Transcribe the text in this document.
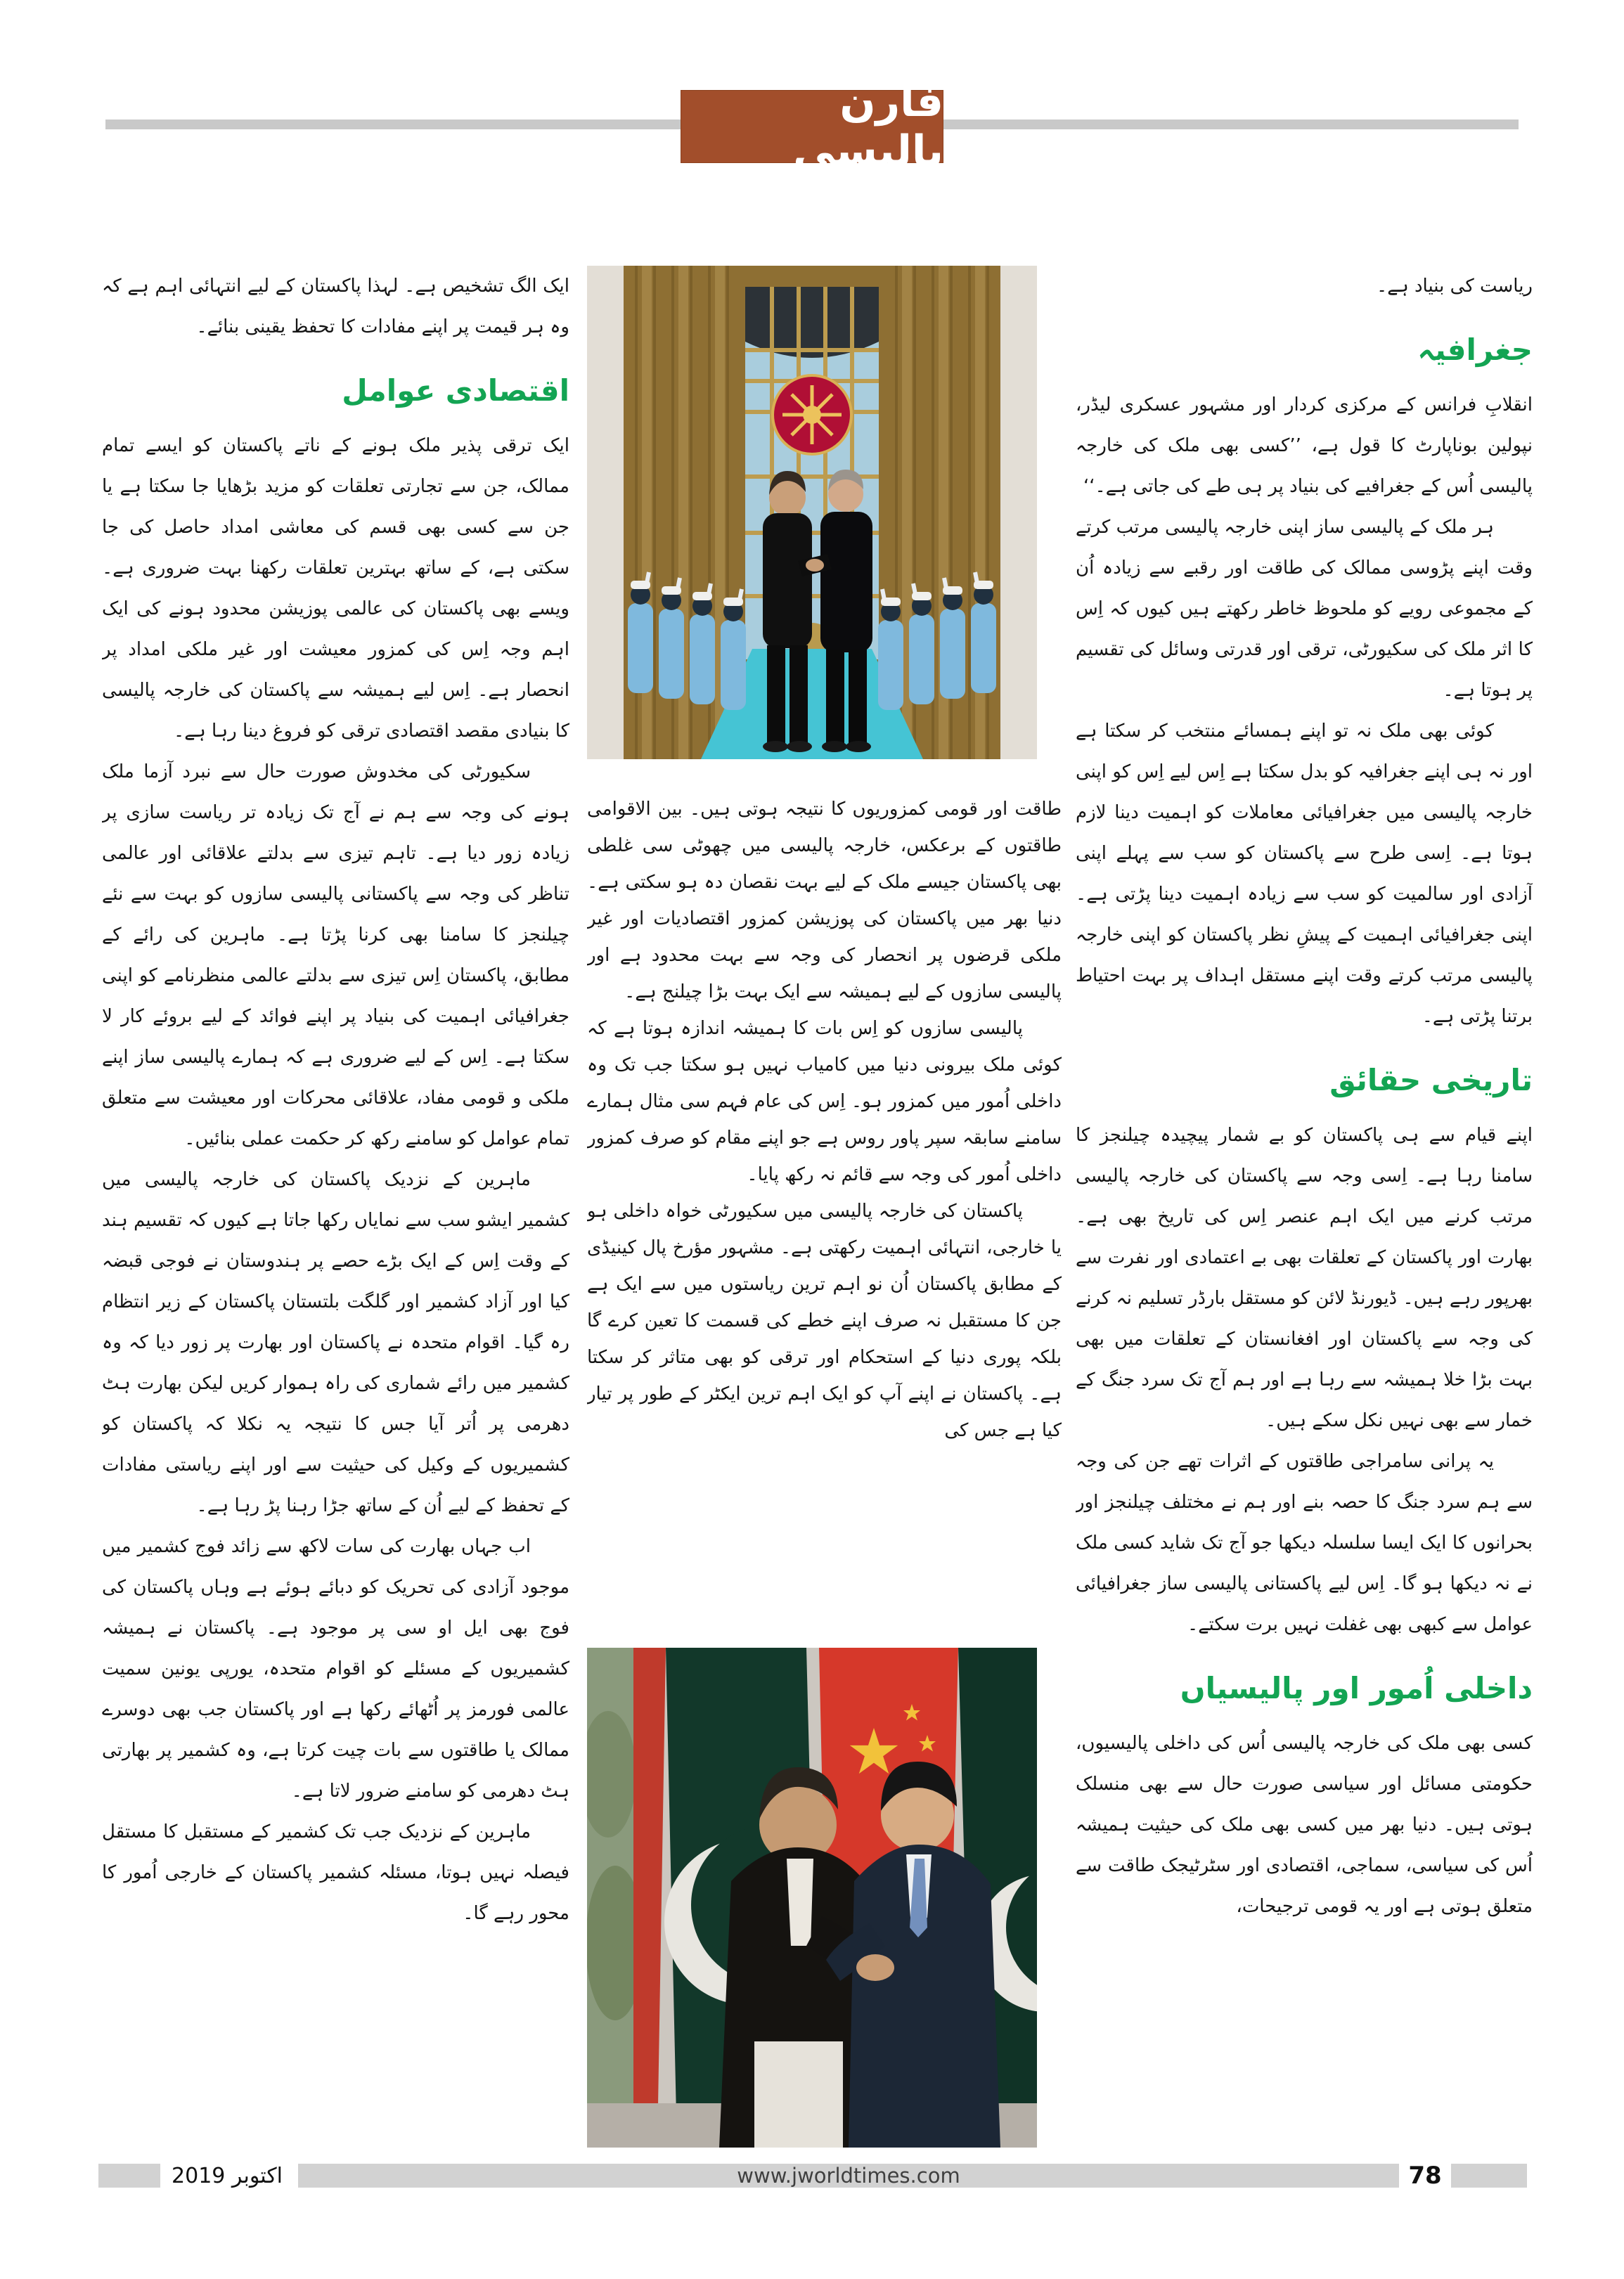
فارن پالیسی

ریاست کی بنیاد ہے۔

جغرافیہ

انقلابِ فرانس کے مرکزی کردار اور مشہور عسکری لیڈر، نپولین بوناپارٹ کا قول ہے، ’’کسی بھی ملک کی خارجہ پالیسی اُس کے جغرافیے کی بنیاد پر ہی طے کی جاتی ہے۔‘‘

ہر ملک کے پالیسی ساز اپنی خارجہ پالیسی مرتب کرتے وقت اپنے پڑوسی ممالک کی طاقت اور رقبے سے زیادہ اُن کے مجموعی رویے کو ملحوظ خاطر رکھتے ہیں کیوں کہ اِس کا اثر ملک کی سکیورٹی، ترقی اور قدرتی وسائل کی تقسیم پر ہوتا ہے۔

کوئی بھی ملک نہ تو اپنے ہمسائے منتخب کر سکتا ہے اور نہ ہی اپنے جغرافیہ کو بدل سکتا ہے اِس لیے اِس کو اپنی خارجہ پالیسی میں جغرافیائی معاملات کو اہمیت دینا لازم ہوتا ہے۔ اِسی طرح سے پاکستان کو سب سے پہلے اپنی آزادی اور سالمیت کو سب سے زیادہ اہمیت دینا پڑتی ہے۔ اپنی جغرافیائی اہمیت کے پیشِ نظر پاکستان کو اپنی خارجہ پالیسی مرتب کرتے وقت اپنے مستقل اہداف پر بہت احتیاط برتنا پڑتی ہے۔

تاریخی حقائق

اپنے قیام سے ہی پاکستان کو بے شمار پیچیدہ چیلنجز کا سامنا رہا ہے۔ اِسی وجہ سے پاکستان کی خارجہ پالیسی مرتب کرنے میں ایک اہم عنصر اِس کی تاریخ بھی ہے۔ بھارت اور پاکستان کے تعلقات بھی بے اعتمادی اور نفرت سے بھرپور رہے ہیں۔ ڈیورنڈ لائن کو مستقل بارڈر تسلیم نہ کرنے کی وجہ سے پاکستان اور افغانستان کے تعلقات میں بھی بہت بڑا خلا ہمیشہ سے رہا ہے اور ہم آج تک سرد جنگ کے خمار سے بھی نہیں نکل سکے ہیں۔

یہ پرانی سامراجی طاقتوں کے اثرات تھے جن کی وجہ سے ہم سرد جنگ کا حصہ بنے اور ہم نے مختلف چیلنجز اور بحرانوں کا ایک ایسا سلسلہ دیکھا جو آج تک شاید کسی ملک نے نہ دیکھا ہو گا۔ اِس لیے پاکستانی پالیسی ساز جغرافیائی عوامل سے کبھی بھی غفلت نہیں برت سکتے۔

داخلی اُمور اور پالیسیاں

کسی بھی ملک کی خارجہ پالیسی اُس کی داخلی پالیسیوں، حکومتی مسائل اور سیاسی صورت حال سے بھی منسلک ہوتی ہیں۔ دنیا بھر میں کسی بھی ملک کی حیثیت ہمیشہ اُس کی سیاسی، سماجی، اقتصادی اور سٹرٹیجک طاقت سے متعلق ہوتی ہے اور یہ قومی ترجیحات،

طاقت اور قومی کمزوریوں کا نتیجہ ہوتی ہیں۔ بین الاقوامی طاقتوں کے برعکس، خارجہ پالیسی میں چھوٹی سی غلطی بھی پاکستان جیسے ملک کے لیے بہت نقصان دہ ہو سکتی ہے۔ دنیا بھر میں پاکستان کی پوزیشن کمزور اقتصادیات اور غیر ملکی قرضوں پر انحصار کی وجہ سے بہت محدود ہے اور پالیسی سازوں کے لیے ہمیشہ سے ایک بہت بڑا چیلنج ہے۔

پالیسی سازوں کو اِس بات کا ہمیشہ اندازہ ہوتا ہے کہ کوئی ملک بیرونی دنیا میں کامیاب نہیں ہو سکتا جب تک وہ داخلی اُمور میں کمزور ہو۔ اِس کی عام فہم سی مثال ہمارے سامنے سابقہ سپر پاور روس ہے جو اپنے مقام کو صرف کمزور داخلی اُمور کی وجہ سے قائم نہ رکھ پایا۔

پاکستان کی خارجہ پالیسی میں سکیورٹی خواہ داخلی ہو یا خارجی، انتہائی اہمیت رکھتی ہے۔ مشہور مؤرخ پال کینیڈی کے مطابق پاکستان اُن نو اہم ترین ریاستوں میں سے ایک ہے جن کا مستقبل نہ صرف اپنے خطے کی قسمت کا تعین کرے گا بلکہ پوری دنیا کے استحکام اور ترقی کو بھی متاثر کر سکتا ہے۔ پاکستان نے اپنے آپ کو ایک اہم ترین ایکٹر کے طور پر تیار کیا ہے جس کی

ایک الگ تشخیص ہے۔ لہذا پاکستان کے لیے انتہائی اہم ہے کہ وہ ہر قیمت پر اپنے مفادات کا تحفظ یقینی بنائے۔

اقتصادی عوامل

ایک ترقی پذیر ملک ہونے کے ناتے پاکستان کو ایسے تمام ممالک، جن سے تجارتی تعلقات کو مزید بڑھایا جا سکتا ہے یا جن سے کسی بھی قسم کی معاشی امداد حاصل کی جا سکتی ہے، کے ساتھ بہترین تعلقات رکھنا بہت ضروری ہے۔ ویسے بھی پاکستان کی عالمی پوزیشن محدود ہونے کی ایک اہم وجہ اِس کی کمزور معیشت اور غیر ملکی امداد پر انحصار ہے۔ اِس لیے ہمیشہ سے پاکستان کی خارجہ پالیسی کا بنیادی مقصد اقتصادی ترقی کو فروغ دینا رہا ہے۔

سکیورٹی کی مخدوش صورت حال سے نبرد آزما ملک ہونے کی وجہ سے ہم نے آج تک زیادہ تر ریاست سازی پر زیادہ زور دیا ہے۔ تاہم تیزی سے بدلتے علاقائی اور عالمی تناظر کی وجہ سے پاکستانی پالیسی سازوں کو بہت سے نئے چیلنجز کا سامنا بھی کرنا پڑتا ہے۔ ماہرین کی رائے کے مطابق، پاکستان اِس تیزی سے بدلتے عالمی منظرنامے کو اپنی جغرافیائی اہمیت کی بنیاد پر اپنے فوائد کے لیے بروئے کار لا سکتا ہے۔ اِس کے لیے ضروری ہے کہ ہمارے پالیسی ساز اپنے ملکی و قومی مفاد، علاقائی محرکات اور معیشت سے متعلق تمام عوامل کو سامنے رکھ کر حکمت عملی بنائیں۔

ماہرین کے نزدیک پاکستان کی خارجہ پالیسی میں کشمیر ایشو سب سے نمایاں رکھا جاتا ہے کیوں کہ تقسیم ہند کے وقت اِس کے ایک بڑے حصے پر ہندوستان نے فوجی قبضہ کیا اور آزاد کشمیر اور گلگت بلتستان پاکستان کے زیر انتظام رہ گیا۔ اقوام متحدہ نے پاکستان اور بھارت پر زور دیا کہ وہ کشمیر میں رائے شماری کی راہ ہموار کریں لیکن بھارت ہٹ دھرمی پر اُتر آیا جس کا نتیجہ یہ نکلا کہ پاکستان کو کشمیریوں کے وکیل کی حیثیت سے اور اپنے ریاستی مفادات کے تحفظ کے لیے اُن کے ساتھ جڑا رہنا پڑ رہا ہے۔

اب جہاں بھارت کی سات لاکھ سے زائد فوج کشمیر میں موجود آزادی کی تحریک کو دبائے ہوئے ہے وہاں پاکستان کی فوج بھی ایل او سی پر موجود ہے۔ پاکستان نے ہمیشہ کشمیریوں کے مسئلے کو اقوام متحدہ، یورپی یونین سمیت عالمی فورمز پر اُٹھائے رکھا ہے اور پاکستان جب بھی دوسرے ممالک یا طاقتوں سے بات چیت کرتا ہے، وہ کشمیر پر بھارتی ہٹ دھرمی کو سامنے ضرور لاتا ہے۔

ماہرین کے نزدیک جب تک کشمیر کے مستقبل کا مستقل فیصلہ نہیں ہوتا، مسئلہ کشمیر پاکستان کے خارجی اُمور کا محور رہے گا۔

اکتوبر 2019	www.jworldtimes.com	78
